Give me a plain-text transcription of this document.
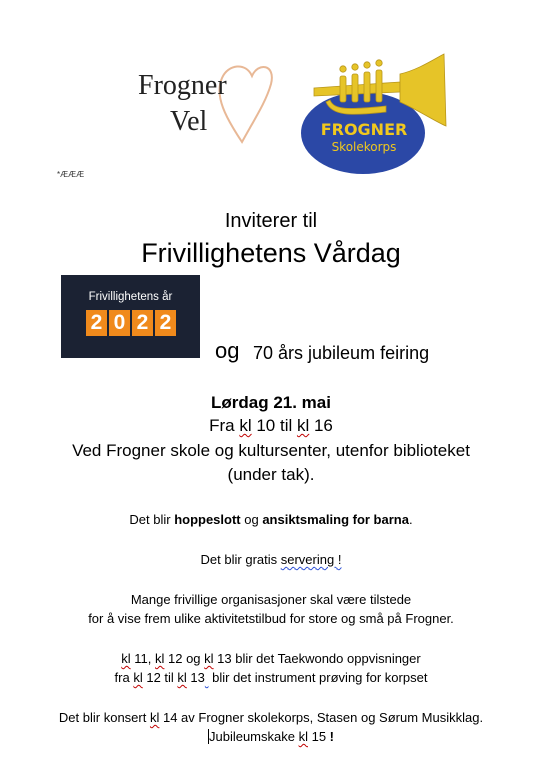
Frogner
Vel	FROGNER
Skolekorps
*ÆÆÆ
Inviterer til
Frivillighetens Vårdag
Frivillighetens år
2 0 2 2
og 70 års jubileum feiring
Lørdag 21. mai
Fra kl 10 til kl 16
Ved Frogner skole og kultursenter, utenfor biblioteket
(under tak).
Det blir hoppeslott og ansiktsmaling for barna.
Det blir gratis servering !
Mange frivillige organisasjoner skal være tilstede
for å vise frem ulike aktivitetstilbud for store og små på Frogner.
kl 11, kl 12 og kl 13 blir det Taekwondo oppvisninger
fra kl 12 til kl 13  blir det instrument prøving for korpset
Det blir konsert kl 14 av Frogner skolekorps, Stasen og Sørum Musikklag.
Jubileumskake kl 15 !
